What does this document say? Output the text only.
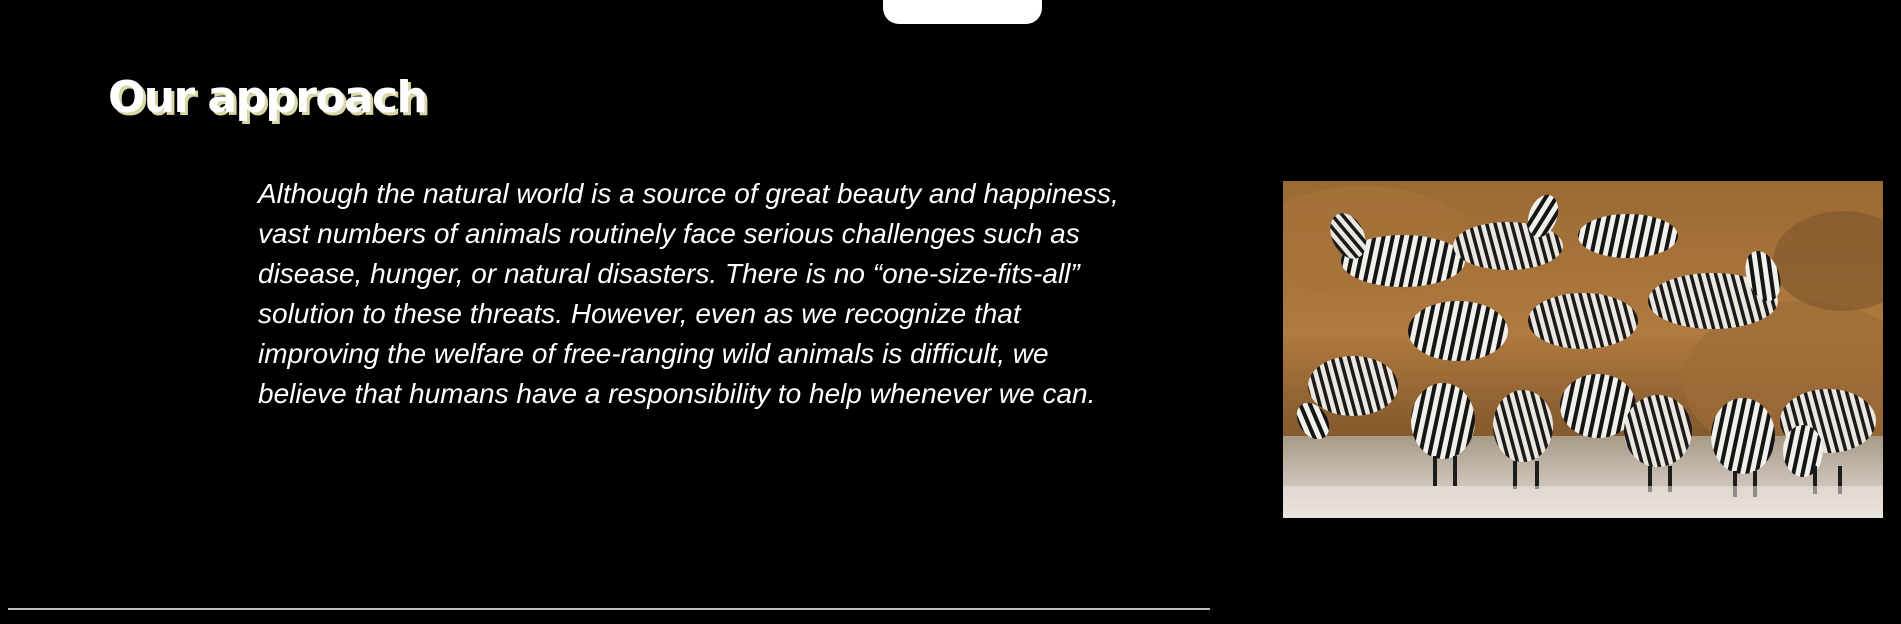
Our approach

Although the natural world is a source of great beauty and happiness,
vast numbers of animals routinely face serious challenges such as
disease, hunger, or natural disasters. There is no “one-size-fits-all”
solution to these threats. However, even as we recognize that
improving the welfare of free-ranging wild animals is difficult, we
believe that humans have a responsibility to help whenever we can.
